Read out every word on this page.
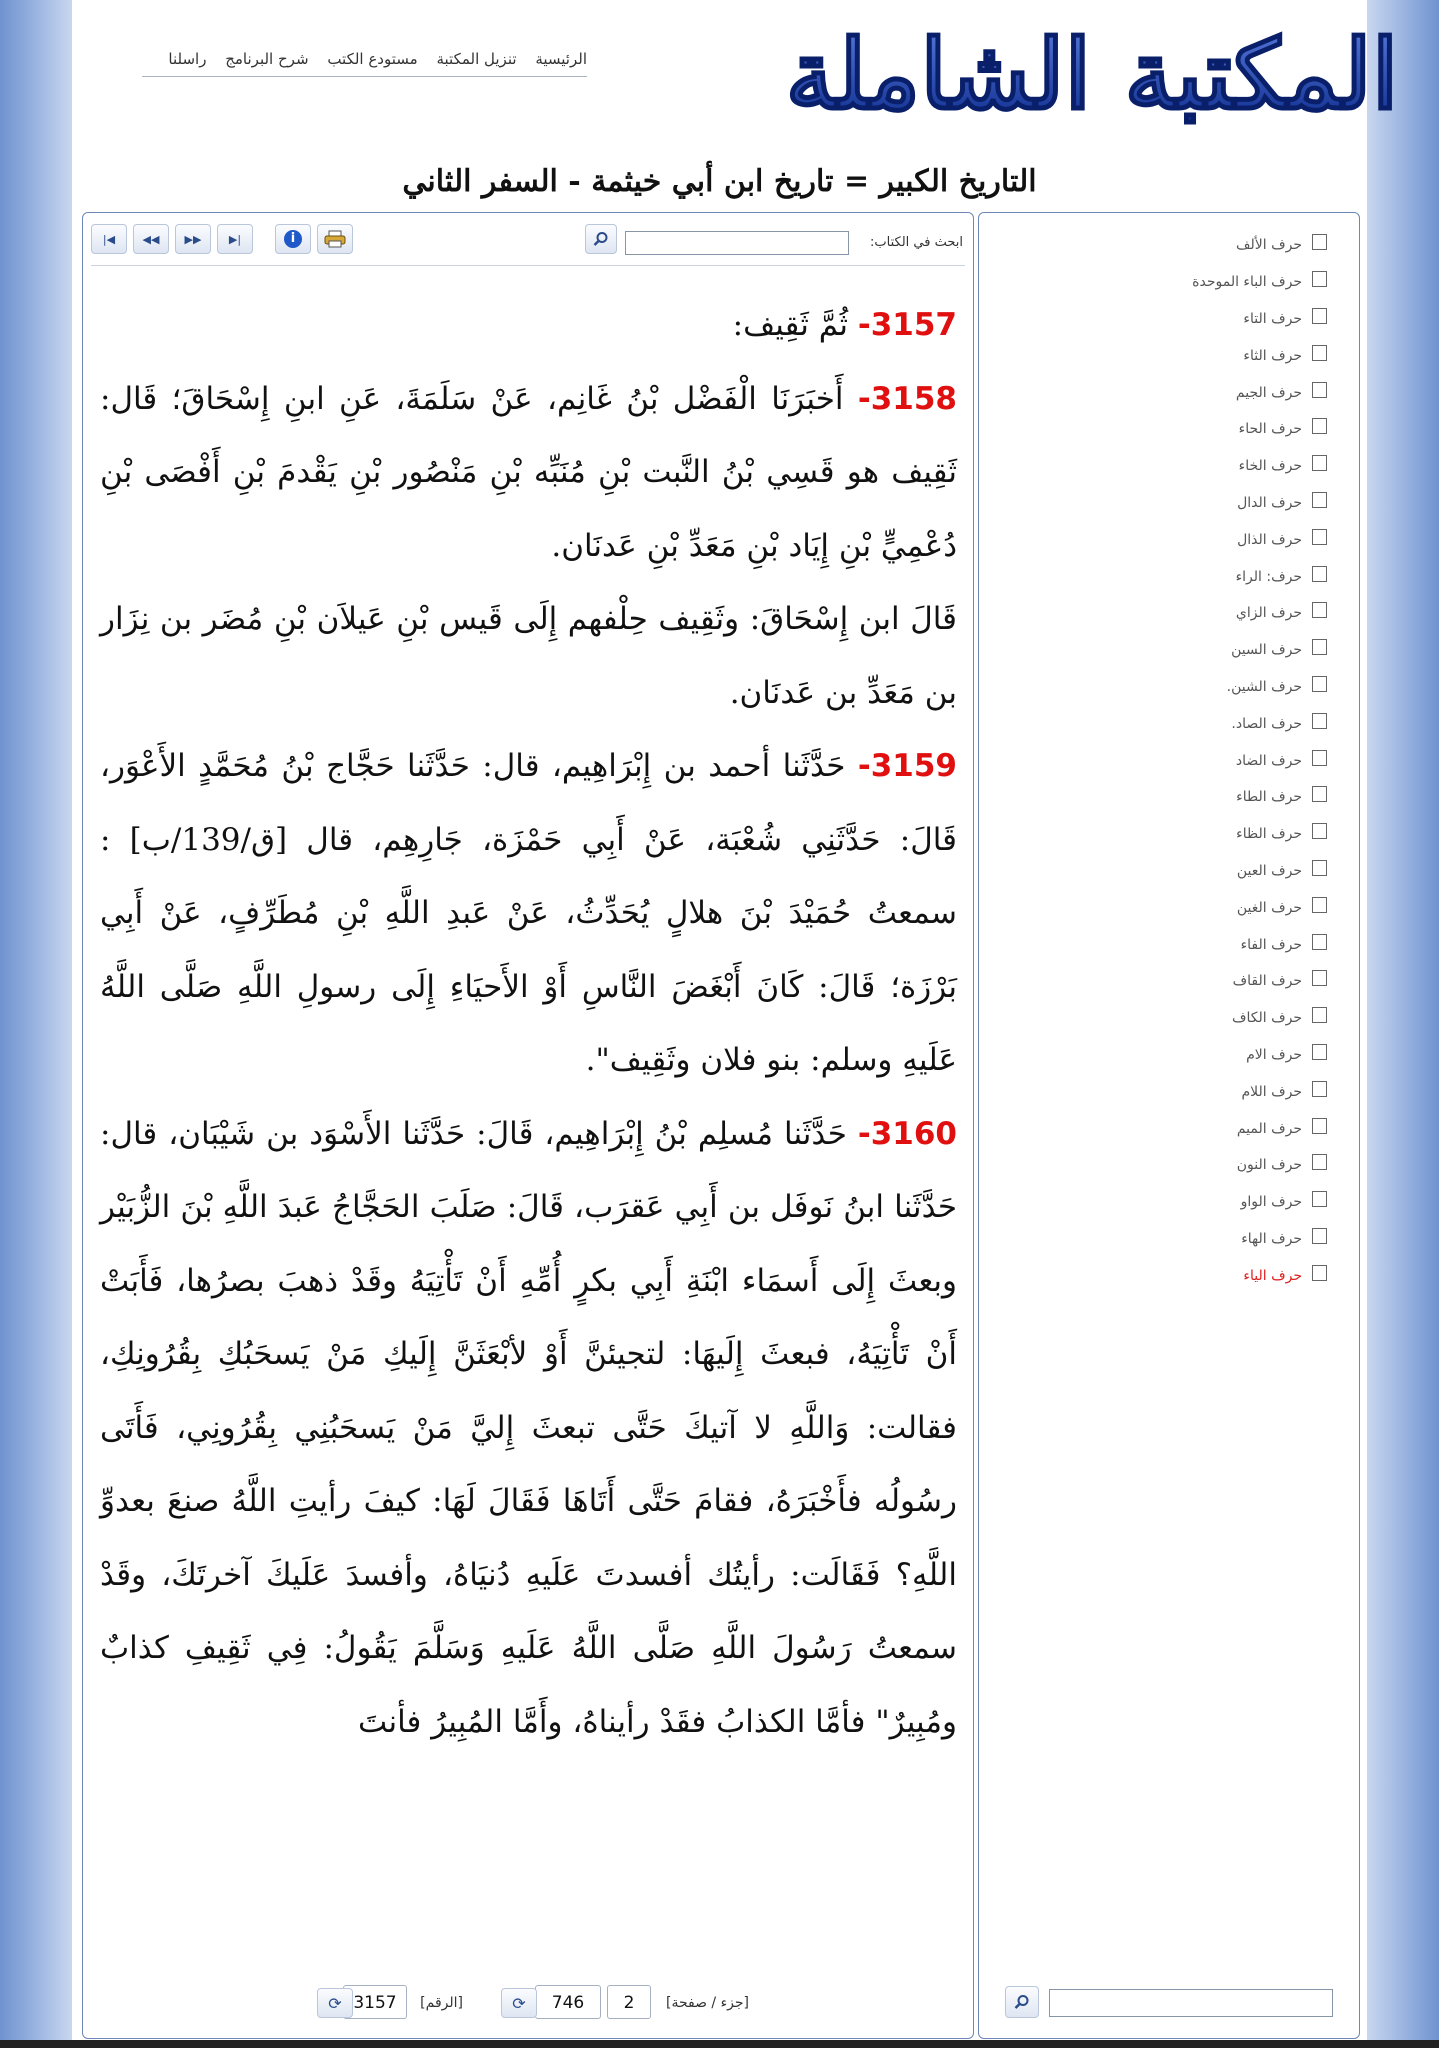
المكتبة الشاملة
الرئيسية تنزيل المكتبة مستودع الكتب شرح البرنامج راسلنا
التاريخ الكبير = تاريخ ابن أبي خيثمة - السفر الثاني
|◀ ◀◀ ▶▶ ▶|	i	ابحث في الكتاب:

3157- ثُمَّ ثَقِيف:

3158- أَخبَرَنَا الْفَضْل بْنُ غَانِم، عَنْ سَلَمَةَ، عَنِ ابنِ إِسْحَاقَ؛ قَال: ثَقِيف هو قَسِي بْنُ النَّبت بْنِ مُنَبِّه بْنِ مَنْصُور بْنِ يَقْدمَ بْنِ أَفْصَى بْنِ دُعْمِيٍّ بْنِ إِيَاد بْنِ مَعَدِّ بْنِ عَدنَان.

قَالَ ابن إِسْحَاقَ: وثَقِيف حِلْفهم إِلَى قَيس بْنِ عَيلاَن بْنِ مُضَر بن نِزَار بن مَعَدِّ بن عَدنَان.

3159- حَدَّثَنا أحمد بن إِبْرَاهِيم، قال: حَدَّثَنا حَجَّاج بْنُ مُحَمَّدٍ الأَعْوَر، قَالَ: حَدَّثَنِي شُعْبَة، عَنْ أَبِي حَمْزَة، جَارِهِم، قال [ق/139/ب] : سمعتُ حُمَيْدَ بْنَ هلالٍ يُحَدِّثُ، عَنْ عَبدِ اللَّهِ بْنِ مُطَرِّفٍ، عَنْ أَبِي بَرْزَة؛ قَالَ: كَانَ أَبْغَضَ النَّاسِ أَوْ الأَحيَاءِ إِلَى رسولِ اللَّهِ صَلَّى اللَّهُ عَلَيهِ وسلم: بنو فلان وثَقِيف".

3160- حَدَّثَنا مُسلِم بْنُ إِبْرَاهِيم، قَالَ: حَدَّثَنا الأَسْوَد بن شَيْبَان، قال: حَدَّثَنا ابنُ نَوفَل بن أَبِي عَقرَب، قَالَ: صَلَبَ الحَجَّاجُ عَبدَ اللَّهِ بْنَ الزُّبَيْر وبعثَ إِلَى أَسمَاء ابْنَةِ أَبِي بكرٍ أُمِّهِ أَنْ تَأْتِيَهُ وقَدْ ذهبَ بصرُها، فَأَبَتْ أَنْ تَأْتِيَهُ، فبعثَ إِلَيهَا: لتجيئنَّ أَوْ لأبْعَثَنَّ إِلَيكِ مَنْ يَسحَبُكِ بِقُرُونِكِ، فقالت: وَاللَّهِ لا آتيكَ حَتَّى تبعثَ إِليَّ مَنْ يَسحَبُنِي بِقُرُونِي، فَأَتَى رسُولُه فأَخْبَرَهُ، فقامَ حَتَّى أَتَاهَا فَقَالَ لَهَا: كيفَ رأيتِ اللَّهُ صنعَ بعدوِّ اللَّهِ؟ فَقَالَت: رأيتُك أفسدتَ عَلَيهِ دُنيَاهُ، وأفسدَ عَلَيكَ آخرتَكَ، وقَدْ سمعتُ رَسُولَ اللَّهِ صَلَّى اللَّهُ عَلَيهِ وَسَلَّمَ يَقُولُ: فِي ثَقِيفِ كذابٌ ومُبِيرٌ" فأمَّا الكذابُ فقَدْ رأيناهُ، وأَمَّا المُبِيرُ فأنتَ

[جزء / صفحة]
2
746
⟳
[الرقم]
3157
⟳
حرف الألف
حرف الباء الموحدة
حرف التاء
حرف الثاء
حرف الجيم
حرف الحاء
حرف الخاء
حرف الدال
حرف الذال
حرف: الراء
حرف الزاي
حرف السين
حرف الشين.
حرف الصاد.
حرف الضاد
حرف الطاء
حرف الظاء
حرف العين
حرف الغين
حرف الفاء
حرف القاف
حرف الكاف
حرف الام
حرف اللام
حرف الميم
حرف النون
حرف الواو
حرف الهاء
حرف الياء
